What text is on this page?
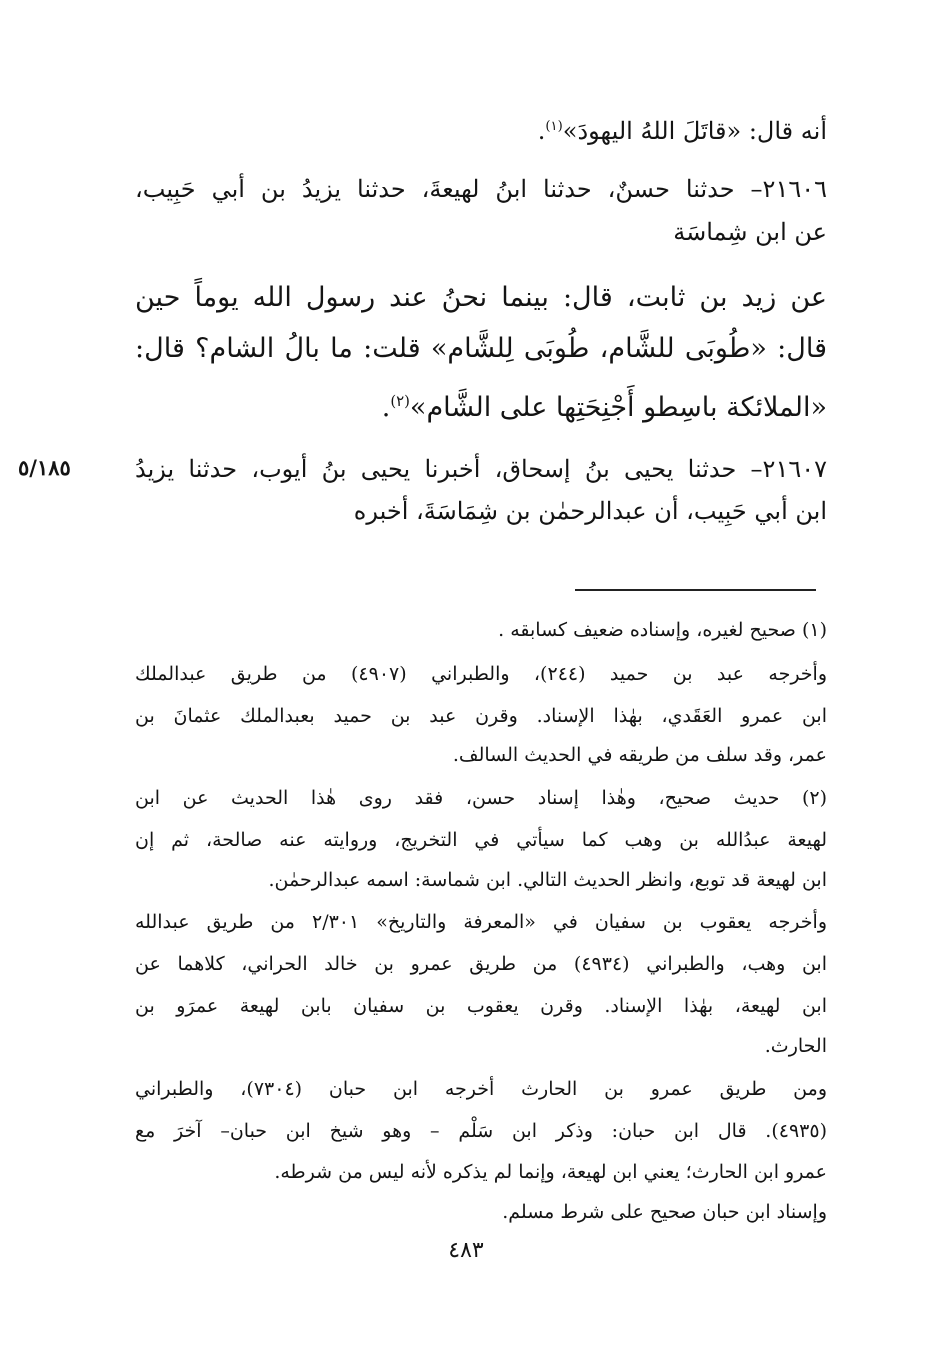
أنه قال: «قاتَلَ اللهُ اليهودَ»$^{(١)}$.
٢١٦٠٦– حدثنا حسنٌ، حدثنا ابنُ لهيعةَ، حدثنا يزيدُ بن أبي حَبِيب،
عن ابن شِماسَة
عن زيد بن ثابت، قال: بينما نحنُ عند رسول الله يوماً حين
قال: «طُوبَى للشَّام، طُوبَى لِلشَّام» قلت: ما بالُ الشام؟ قال:
«الملائكة باسِطو أَجْنِحَتِها على الشَّام»$^{(٢)}$.
٢١٦٠٧– حدثنا يحيى بنُ إسحاق، أخبرنا يحيى بنُ أيوب، حدثنا يزيدُ
ابن أبي حَبِيب، أن عبدالرحمٰن بن شِمَاسَةَ، أخبره
٥/١٨٥
(١) صحيح لغيره، وإسناده ضعيف كسابقه .
وأخرجه عبد بن حميد (٢٤٤)، والطبراني (٤٩٠٧) من طريق عبدالملك
ابن عمرو العَقَدي، بهٰذا الإسناد. وقرن عبد بن حميد بعبدالملك عثمانَ بن
عمر، وقد سلف من طريقه في الحديث السالف.
(٢) حديث صحيح، وهٰذا إسناد حسن، فقد روى هٰذا الحديث عن ابن
لهيعة عبدُالله بن وهب كما سيأتي في التخريج، وروايته عنه صالحة، ثم إن
ابن لهيعة قد توبع، وانظر الحديث التالي. ابن شماسة: اسمه عبدالرحمٰن.
وأخرجه يعقوب بن سفيان في «المعرفة والتاريخ» ٢/٣٠١ من طريق عبدالله
ابن وهب، والطبراني (٤٩٣٤) من طريق عمرو بن خالد الحراني، كلاهما عن
ابن لهيعة، بهٰذا الإسناد. وقرن يعقوب بن سفيان بابن لهيعة عمرَو بن
الحارث.
ومن طريق عمرو بن الحارث أخرجه ابن حبان (٧٣٠٤)، والطبراني
(٤٩٣٥). قال ابن حبان: وذكر ابن سَلْم – وهو شيخ ابن حبان– آخرَ مع
عمرو ابن الحارث؛ يعني ابن لهيعة، وإنما لم يذكره لأنه ليس من شرطه.
وإسناد ابن حبان صحيح على شرط مسلم.
٤٨٣
